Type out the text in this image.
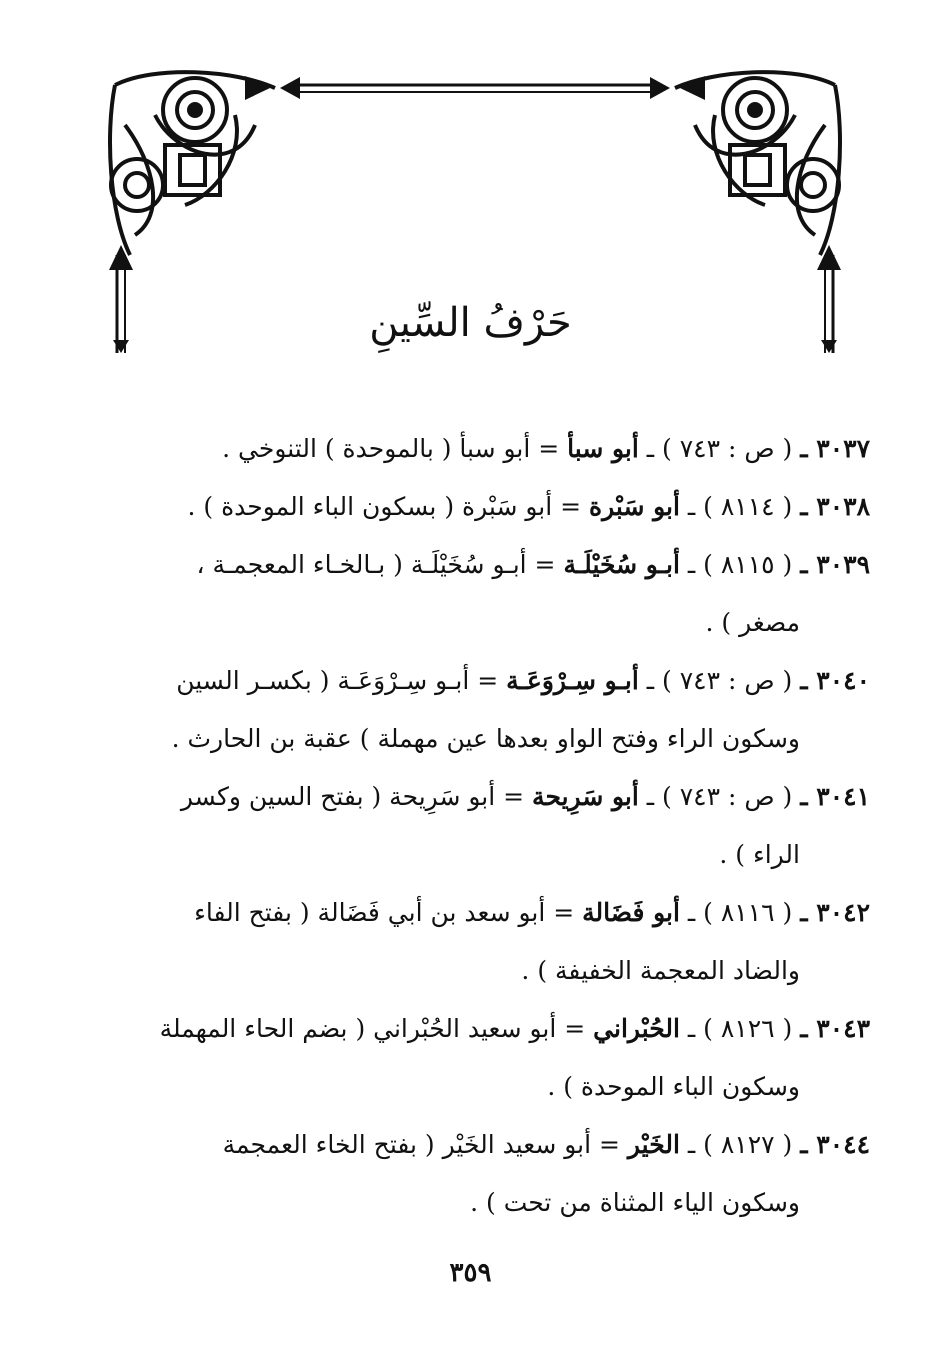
حَرْفُ السِّينِ
٣٠٣٧ ـ ( ص : ٧٤٣ ) ـ أبو سبأ = أبو سبأ ( بالموحدة ) التنوخي .
٣٠٣٨ ـ ( ٨١١٤ ) ـ أبو سَبْرة = أبو سَبْرة ( بسكون الباء الموحدة ) .
٣٠٣٩ ـ ( ٨١١٥ ) ـ أبـو سُخَيْلَـة = أبـو سُخَيْلَـة ( بـالخـاء المعجمـة ،
مصغر ) .
٣٠٤٠ ـ ( ص : ٧٤٣ ) ـ أبـو سِـرْوَعَـة = أبـو سِـرْوَعَـة ( بكسـر السين
وسكون الراء وفتح الواو بعدها عين مهملة ) عقبة بن الحارث .
٣٠٤١ ـ ( ص : ٧٤٣ ) ـ أبو سَرِيحة = أبو سَرِيحة ( بفتح السين وكسر
الراء ) .
٣٠٤٢ ـ ( ٨١١٦ ) ـ أبو فَضَالة = أبو سعد بن أبي فَضَالة ( بفتح الفاء
والضاد المعجمة الخفيفة ) .
٣٠٤٣ ـ ( ٨١٢٦ ) ـ الحُبْراني = أبو سعيد الحُبْراني ( بضم الحاء المهملة
وسكون الباء الموحدة ) .
٣٠٤٤ ـ ( ٨١٢٧ ) ـ الخَيْر = أبو سعيد الخَيْر ( بفتح الخاء العمجمة
وسكون الياء المثناة من تحت ) .
٣٥٩
